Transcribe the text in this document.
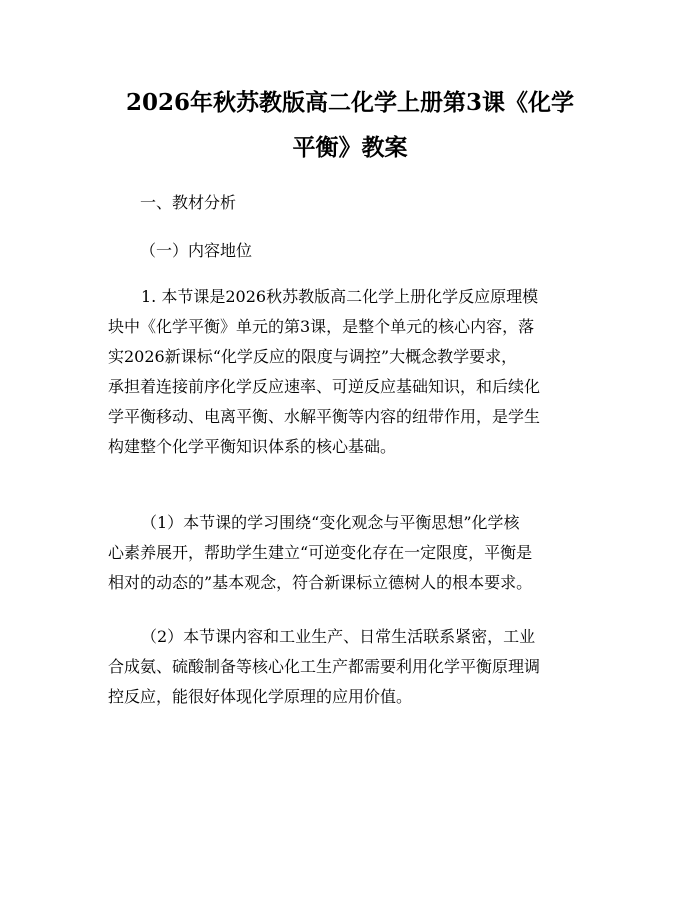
2026年秋苏教版高二化学上册第3课《化学
平衡》教案
一、教材分析
（一）内容地位
1. 本节课是2026秋苏教版高二化学上册化学反应原理模
块中《化学平衡》单元的第3课，是整个单元的核心内容，落
实2026新课标“化学反应的限度与调控”大概念教学要求，
承担着连接前序化学反应速率、可逆反应基础知识，和后续化
学平衡移动、电离平衡、水解平衡等内容的纽带作用，是学生
构建整个化学平衡知识体系的核心基础。
（1）本节课的学习围绕“变化观念与平衡思想”化学核
心素养展开，帮助学生建立“可逆变化存在一定限度，平衡是
相对的动态的”基本观念，符合新课标立德树人的根本要求。
（2）本节课内容和工业生产、日常生活联系紧密，工业
合成氨、硫酸制备等核心化工生产都需要利用化学平衡原理调
控反应，能很好体现化学原理的应用价值。
